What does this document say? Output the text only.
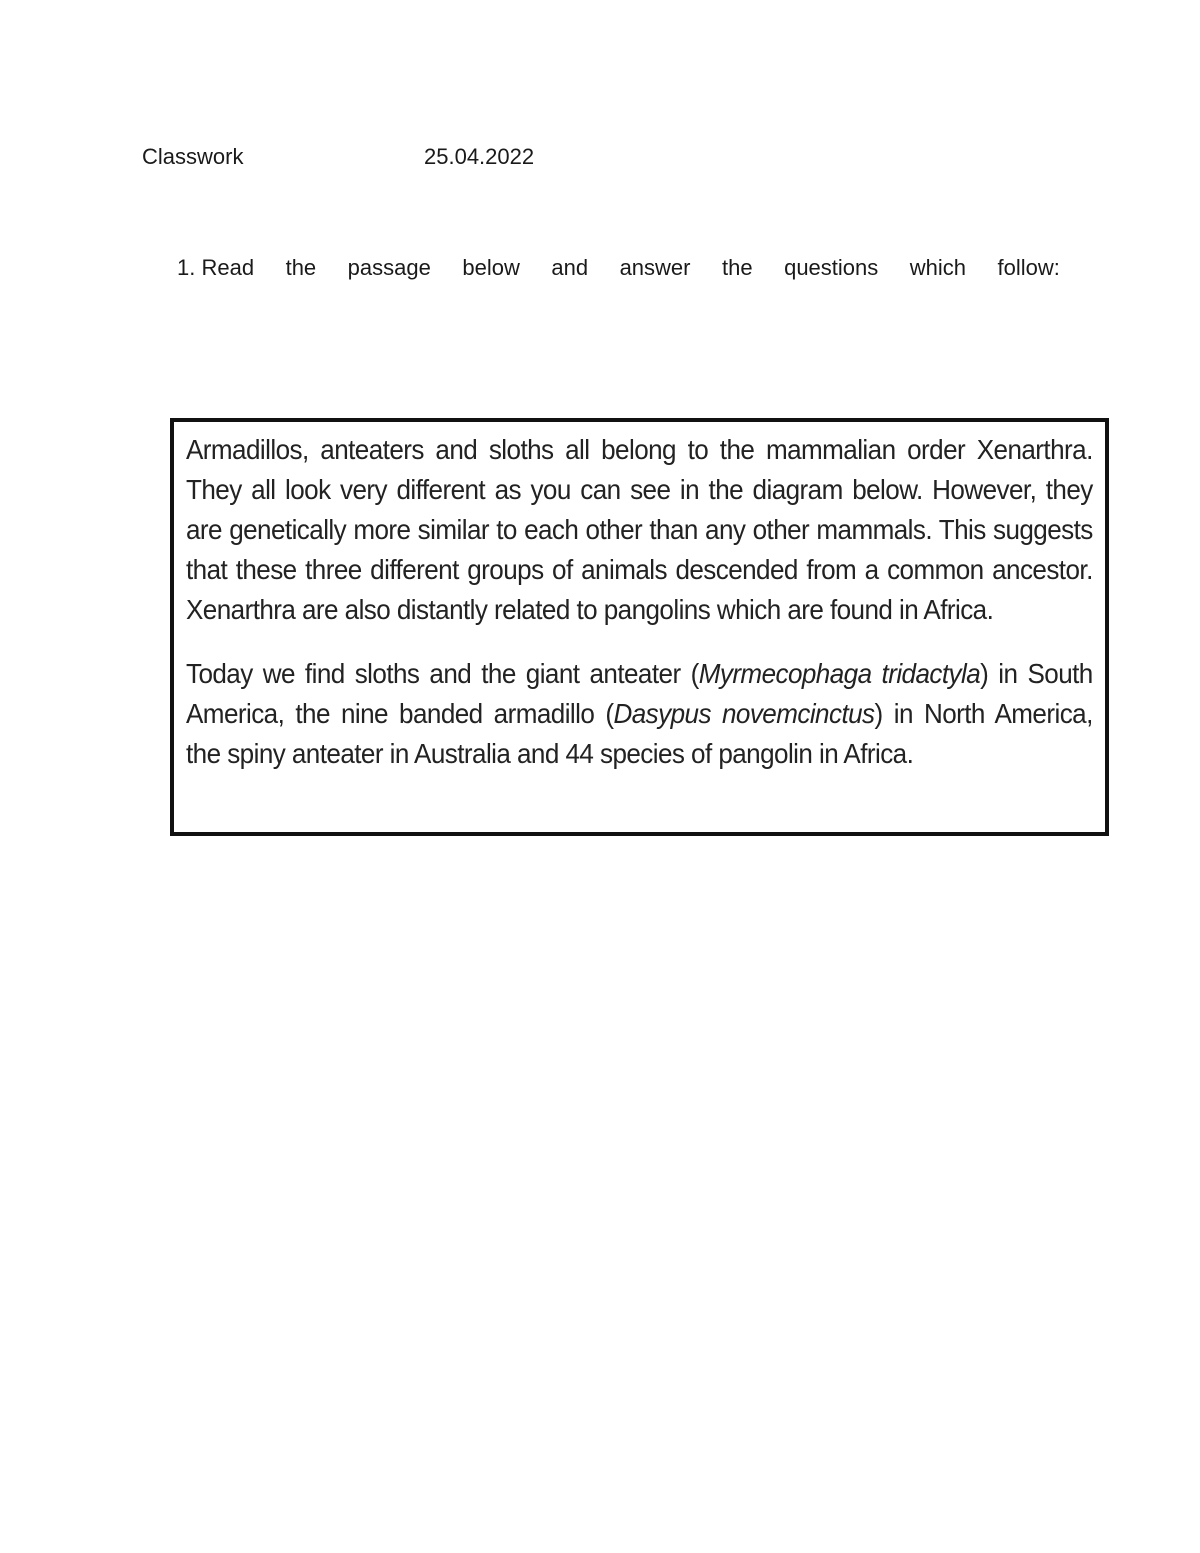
Classwork	25.04.2022
1. Read the passage below and answer the questions which follow:

Armadillos, anteaters and sloths all belong to the mammalian order Xenarthra. They all look very different as you can see in the diagram below. However, they are genetically more similar to each other than any other mammals. This suggests that these three different groups of animals descended from a common ancestor. Xenarthra are also distantly related to pangolins which are found in Africa.

Today we find sloths and the giant anteater (Myrmecophaga tridactyla) in South America, the nine banded armadillo (Dasypus novemcinctus) in North America, the spiny anteater in Australia and 44 species of pangolin in Africa.
